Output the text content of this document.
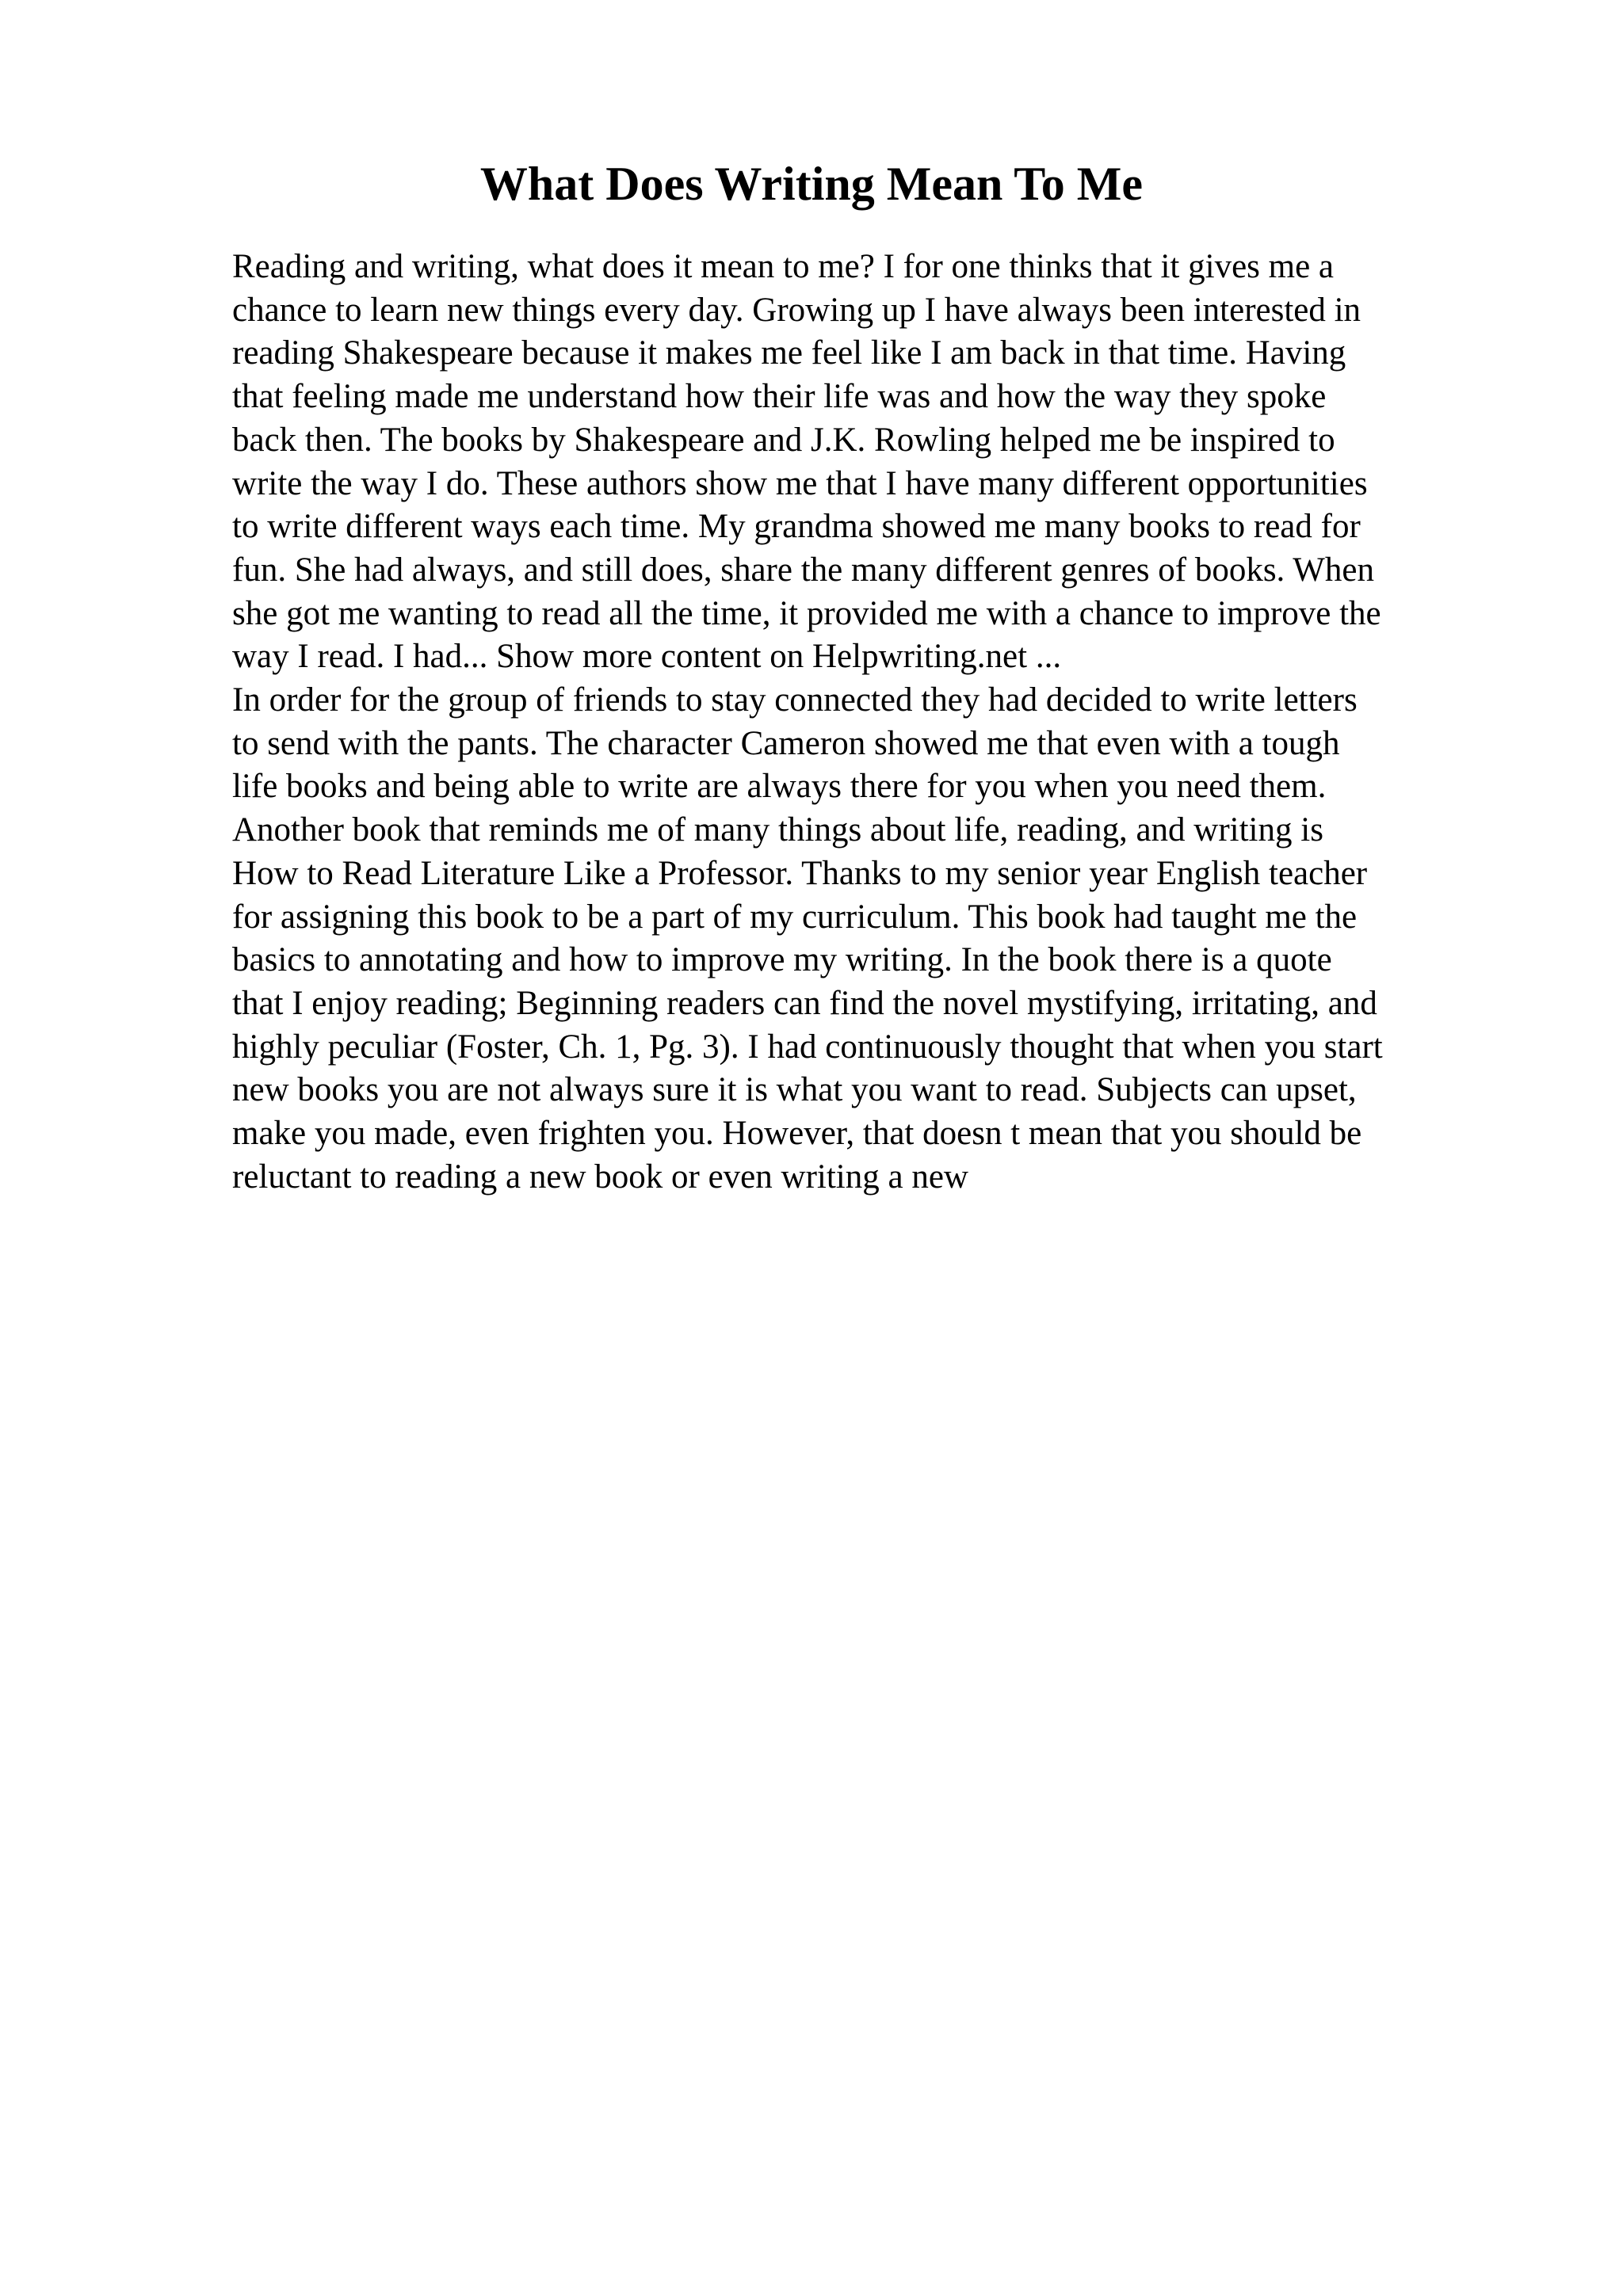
What Does Writing Mean To Me
Reading and writing, what does it mean to me? I for one thinks that it gives me a
chance to learn new things every day. Growing up I have always been interested in
reading Shakespeare because it makes me feel like I am back in that time. Having
that feeling made me understand how their life was and how the way they spoke
back then. The books by Shakespeare and J.K. Rowling helped me be inspired to
write the way I do. These authors show me that I have many different opportunities
to write different ways each time. My grandma showed me many books to read for
fun. She had always, and still does, share the many different genres of books. When
she got me wanting to read all the time, it provided me with a chance to improve the
way I read. I had... Show more content on Helpwriting.net ...
In order for the group of friends to stay connected they had decided to write letters
to send with the pants. The character Cameron showed me that even with a tough
life books and being able to write are always there for you when you need them.
Another book that reminds me of many things about life, reading, and writing is
How to Read Literature Like a Professor. Thanks to my senior year English teacher
for assigning this book to be a part of my curriculum. This book had taught me the
basics to annotating and how to improve my writing. In the book there is a quote
that I enjoy reading; Beginning readers can find the novel mystifying, irritating, and
highly peculiar (Foster, Ch. 1, Pg. 3). I had continuously thought that when you start
new books you are not always sure it is what you want to read. Subjects can upset,
make you made, even frighten you. However, that doesn t mean that you should be
reluctant to reading a new book or even writing a new
